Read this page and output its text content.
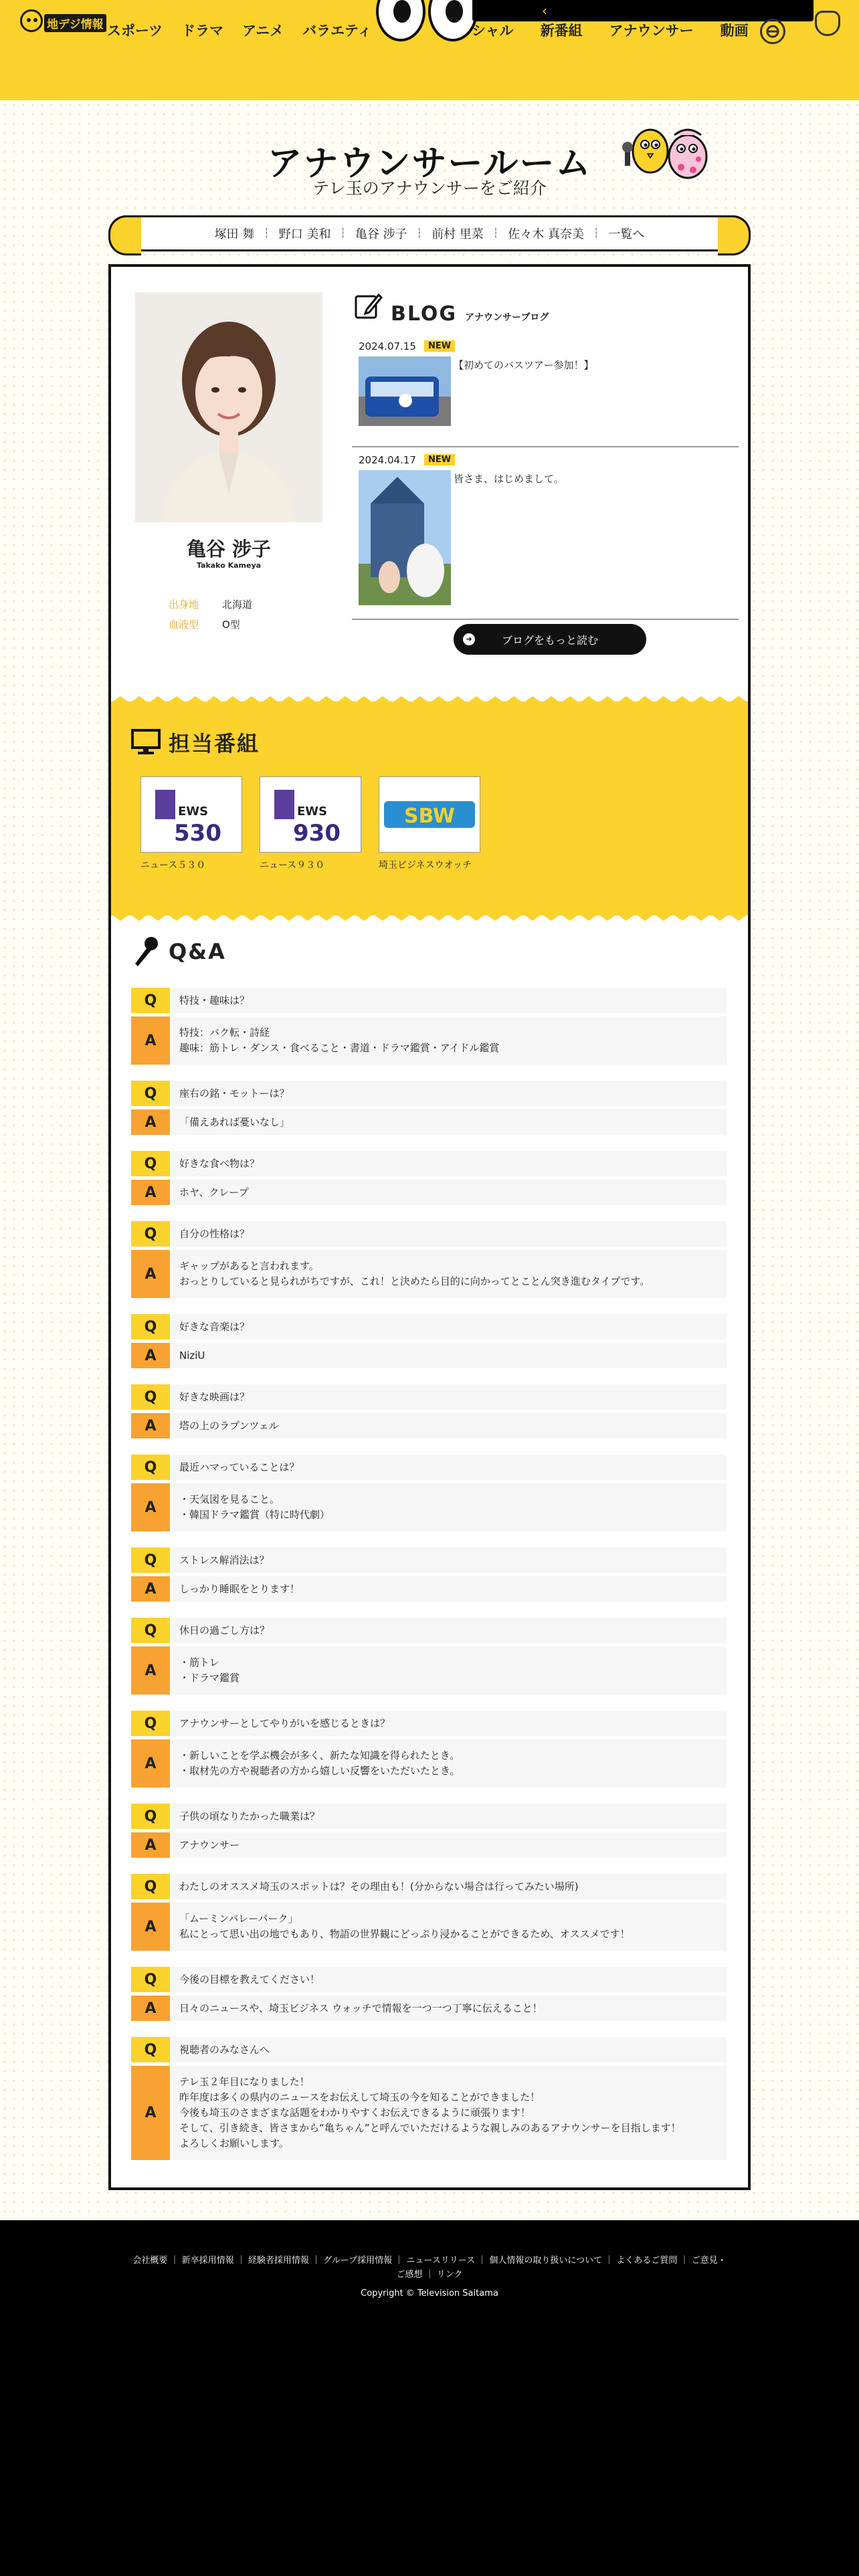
地デジ情報 スポーツ ドラマ アニメ バラエティ	シャル 新番組 アナウンサー 動画
‹
アナウンサールーム

テレ玉のアナウンサーをご紹介

塚田 舞	┆ 野口 美和	┆ 亀谷 涉子	┆ 前村 里菜	┆ 佐々木 真奈美	┆ 一覧へ
亀谷 涉子
Takako Kameya
出身地 北海道
血液型 O型
BLOG アナウンサーブログ
2024.07.15	NEW
【初めてのバスツアー参加！】
2024.04.17	NEW
皆さま、はじめまして。
➜	ブログをもっと読む
担当番組
EWS
530
ニュース５３０
EWS
930
ニュース９３０
SBW
埼玉ビジネスウオッチ
Q&A
Q	特技・趣味は？
A	特技：バク転・詩経
趣味：筋トレ・ダンス・食べること・書道・ドラマ鑑賞・アイドル鑑賞
Q	座右の銘・モットーは？
A	「備えあれば憂いなし」
Q	好きな食べ物は？
A	ホヤ、クレープ
Q	自分の性格は？
A	ギャップがあると言われます。
おっとりしていると見られがちですが、これ！と決めたら目的に向かってとことん突き進むタイプです。
Q	好きな音楽は？
A	NiziU
Q	好きな映画は？
A	塔の上のラプンツェル
Q	最近ハマっていることは？
A	・天気図を見ること。
・韓国ドラマ鑑賞（特に時代劇）
Q	ストレス解消法は？
A	しっかり睡眠をとります！
Q	休日の過ごし方は？
A	・筋トレ
・ドラマ鑑賞
Q	アナウンサーとしてやりがいを感じるときは？
A	・新しいことを学ぶ機会が多く、新たな知識を得られたとき。
・取材先の方や視聴者の方から嬉しい反響をいただいたとき。
Q	子供の頃なりたかった職業は？
A	アナウンサー
Q	わたしのオススメ埼玉のスポットは？その理由も！(分からない場合は行ってみたい場所)
A	「ムーミンバレーパーク」
私にとって思い出の地でもあり、物語の世界観にどっぷり浸かることができるため、オススメです！
Q	今後の目標を教えてください！
A	日々のニュースや、埼玉ビジネス ウォッチで情報を一つ一つ丁寧に伝えること！
Q	視聴者のみなさんへ
A
テレ玉２年目になりました！
昨年度は多くの県内のニュースをお伝えして埼玉の今を知ることができました！
今後も埼玉のさまざまな話題をわかりやすくお伝えできるように頑張ります！
そして、引き続き、皆さまから“亀ちゃん”と呼んでいただけるような親しみのあるアナウンサーを目指します！
よろしくお願いします。
会社概要 ｜ 新卒採用情報 ｜ 経験者採用情報 ｜ グループ採用情報 ｜ ニュースリリース ｜ 個人情報の取り扱いについて ｜ よくあるご質問 ｜ ご意見・ご感想 ｜ リンク
Copyright © Television Saitama
